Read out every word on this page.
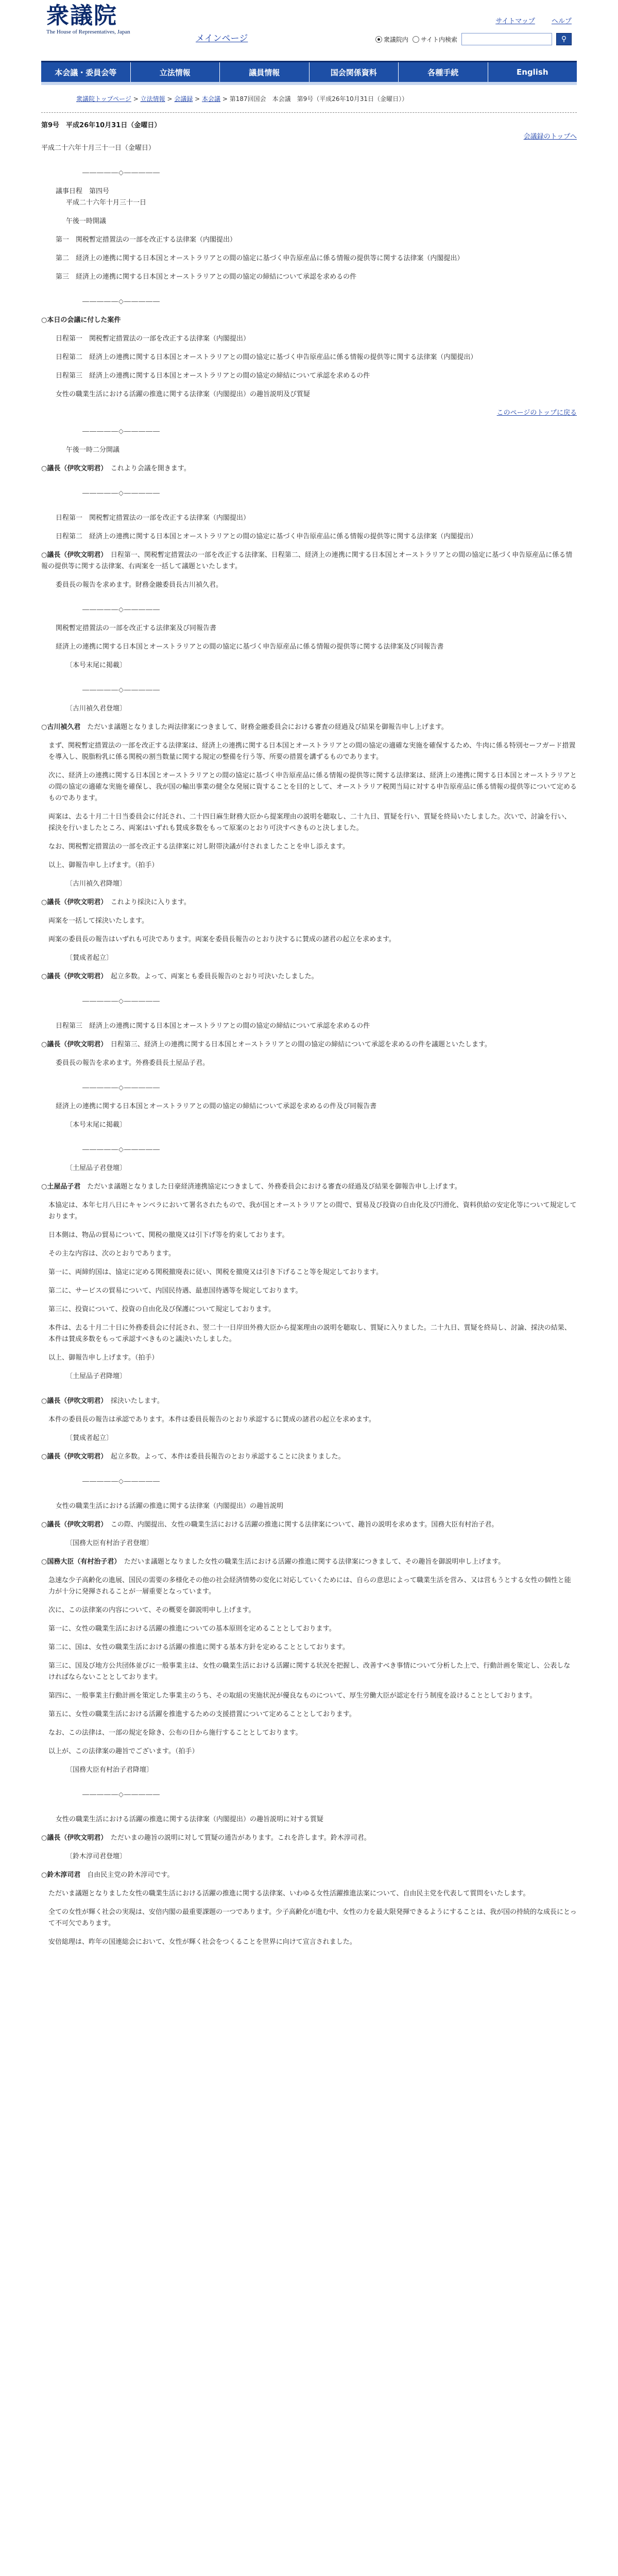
衆議院
The House of Representatives, Japan
メインページ
サイトマップ ヘルプ
衆議院内 サイト内検索	⚲
本会議・委員会等	立法情報	議員情報	国会関係資料	各種手続	English
衆議院トップページ > 立法情報 > 会議録 > 本会議 > 第187回国会　本会議　第9号（平成26年10月31日（金曜日））
第9号　平成26年10月31日（金曜日）
会議録のトップへ

平成二十六年十月三十一日（金曜日）

―――――◇―――――

議事日程　第四号

平成二十六年十月三十一日

午後一時開議

第一　関税暫定措置法の一部を改正する法律案（内閣提出）

第二　経済上の連携に関する日本国とオーストラリアとの間の協定に基づく申告原産品に係る情報の提供等に関する法律案（内閣提出）

第三　経済上の連携に関する日本国とオーストラリアとの間の協定の締結について承認を求めるの件

―――――◇―――――

○本日の会議に付した案件

日程第一　関税暫定措置法の一部を改正する法律案（内閣提出）

日程第二　経済上の連携に関する日本国とオーストラリアとの間の協定に基づく申告原産品に係る情報の提供等に関する法律案（内閣提出）

日程第三　経済上の連携に関する日本国とオーストラリアとの間の協定の締結について承認を求めるの件

女性の職業生活における活躍の推進に関する法律案（内閣提出）の趣旨説明及び質疑

このページのトップに戻る

―――――◇―――――

午後一時二分開議

○議長（伊吹文明君）　 これより会議を開きます。

―――――◇―――――

日程第一　関税暫定措置法の一部を改正する法律案（内閣提出）

日程第二　経済上の連携に関する日本国とオーストラリアとの間の協定に基づく申告原産品に係る情報の提供等に関する法律案（内閣提出）

○議長（伊吹文明君）　 日程第一、関税暫定措置法の一部を改正する法律案、日程第二、経済上の連携に関する日本国とオーストラリアとの間の協定に基づく申告原産品に係る情報の提供等に関する法律案、右両案を一括して議題といたします。

委員長の報告を求めます。財務金融委員長古川禎久君。

―――――◇―――――

関税暫定措置法の一部を改正する法律案及び同報告書

経済上の連携に関する日本国とオーストラリアとの間の協定に基づく申告原産品に係る情報の提供等に関する法律案及び同報告書

〔本号末尾に掲載〕

―――――◇―――――

〔古川禎久君登壇〕

○古川禎久君　 ただいま議題となりました両法律案につきまして、財務金融委員会における審査の経過及び結果を御報告申し上げます。

まず、関税暫定措置法の一部を改正する法律案は、経済上の連携に関する日本国とオーストラリアとの間の協定の適確な実施を確保するため、牛肉に係る特別セーフガード措置を導入し、脱脂粉乳に係る関税の割当数量に関する規定の整備を行う等、所要の措置を講ずるものであります。

次に、経済上の連携に関する日本国とオーストラリアとの間の協定に基づく申告原産品に係る情報の提供等に関する法律案は、経済上の連携に関する日本国とオーストラリアとの間の協定の適確な実施を確保し、我が国の輸出事業の健全な発展に資することを目的として、オーストラリア税関当局に対する申告原産品に係る情報の提供等について定めるものであります。

両案は、去る十月二十日当委員会に付託され、二十四日麻生財務大臣から提案理由の説明を聴取し、二十九日、質疑を行い、質疑を終局いたしました。次いで、討論を行い、採決を行いましたところ、両案はいずれも賛成多数をもって原案のとおり可決すべきものと決しました。

なお、関税暫定措置法の一部を改正する法律案に対し附帯決議が付されましたことを申し添えます。

以上、御報告申し上げます。（拍手）

〔古川禎久君降壇〕

○議長（伊吹文明君）　 これより採決に入ります。

両案を一括して採決いたします。

両案の委員長の報告はいずれも可決であります。両案を委員長報告のとおり決するに賛成の諸君の起立を求めます。

〔賛成者起立〕

○議長（伊吹文明君）　 起立多数。よって、両案とも委員長報告のとおり可決いたしました。

―――――◇―――――

日程第三　経済上の連携に関する日本国とオーストラリアとの間の協定の締結について承認を求めるの件

○議長（伊吹文明君）　 日程第三、経済上の連携に関する日本国とオーストラリアとの間の協定の締結について承認を求めるの件を議題といたします。

委員長の報告を求めます。外務委員長土屋品子君。

―――――◇―――――

経済上の連携に関する日本国とオーストラリアとの間の協定の締結について承認を求めるの件及び同報告書

〔本号末尾に掲載〕

―――――◇―――――

〔土屋品子君登壇〕

○土屋品子君　 ただいま議題となりました日豪経済連携協定につきまして、外務委員会における審査の経過及び結果を御報告申し上げます。

本協定は、本年七月八日にキャンベラにおいて署名されたもので、我が国とオーストラリアとの間で、貿易及び投資の自由化及び円滑化、資料供給の安定化等について規定しております。

日本側は、物品の貿易について、関税の撤廃又は引下げ等を約束しております。

その主な内容は、次のとおりであります。

第一に、両締約国は、協定に定める関税撤廃表に従い、関税を撤廃又は引き下げること等を規定しております。

第二に、サービスの貿易について、内国民待遇、最恵国待遇等を規定しております。

第三に、投資について、投資の自由化及び保護について規定しております。

本件は、去る十月二十日に外務委員会に付託され、翌二十一日岸田外務大臣から提案理由の説明を聴取し、質疑に入りました。二十九日、質疑を終局し、討論、採決の結果、本件は賛成多数をもって承認すべきものと議決いたしました。

以上、御報告申し上げます。（拍手）

〔土屋品子君降壇〕

○議長（伊吹文明君）　 採決いたします。

本件の委員長の報告は承認であります。本件は委員長報告のとおり承認するに賛成の諸君の起立を求めます。

〔賛成者起立〕

○議長（伊吹文明君）　 起立多数。よって、本件は委員長報告のとおり承認することに決まりました。

―――――◇―――――

女性の職業生活における活躍の推進に関する法律案（内閣提出）の趣旨説明

○議長（伊吹文明君）　 この際、内閣提出、女性の職業生活における活躍の推進に関する法律案について、趣旨の説明を求めます。国務大臣有村治子君。

〔国務大臣有村治子君登壇〕

○国務大臣（有村治子君）　 ただいま議題となりました女性の職業生活における活躍の推進に関する法律案につきまして、その趣旨を御説明申し上げます。

急速な少子高齢化の進展、国民の需要の多様化その他の社会経済情勢の変化に対応していくためには、自らの意思によって職業生活を営み、又は営もうとする女性の個性と能力が十分に発揮されることが一層重要となっています。

次に、この法律案の内容について、その概要を御説明申し上げます。

第一に、女性の職業生活における活躍の推進についての基本原則を定めることとしております。

第二に、国は、女性の職業生活における活躍の推進に関する基本方針を定めることとしております。

第三に、国及び地方公共団体並びに一般事業主は、女性の職業生活における活躍に関する状況を把握し、改善すべき事情について分析した上で、行動計画を策定し、公表しなければならないこととしております。

第四に、一般事業主行動計画を策定した事業主のうち、その取組の実施状況が優良なものについて、厚生労働大臣が認定を行う制度を設けることとしております。

第五に、女性の職業生活における活躍を推進するための支援措置について定めることとしております。

なお、この法律は、一部の規定を除き、公布の日から施行することとしております。

以上が、この法律案の趣旨でございます。（拍手）

〔国務大臣有村治子君降壇〕

―――――◇―――――

女性の職業生活における活躍の推進に関する法律案（内閣提出）の趣旨説明に対する質疑

○議長（伊吹文明君）　 ただいまの趣旨の説明に対して質疑の通告があります。これを許します。鈴木淳司君。

〔鈴木淳司君登壇〕

○鈴木淳司君　 自由民主党の鈴木淳司です。

ただいま議題となりました女性の職業生活における活躍の推進に関する法律案、いわゆる女性活躍推進法案について、自由民主党を代表して質問をいたします。

全ての女性が輝く社会の実現は、安倍内閣の最重要課題の一つであります。少子高齢化が進む中、女性の力を最大限発揮できるようにすることは、我が国の持続的な成長にとって不可欠であります。

安倍総理は、昨年の国連総会において、女性が輝く社会をつくることを世界に向けて宣言されました。
